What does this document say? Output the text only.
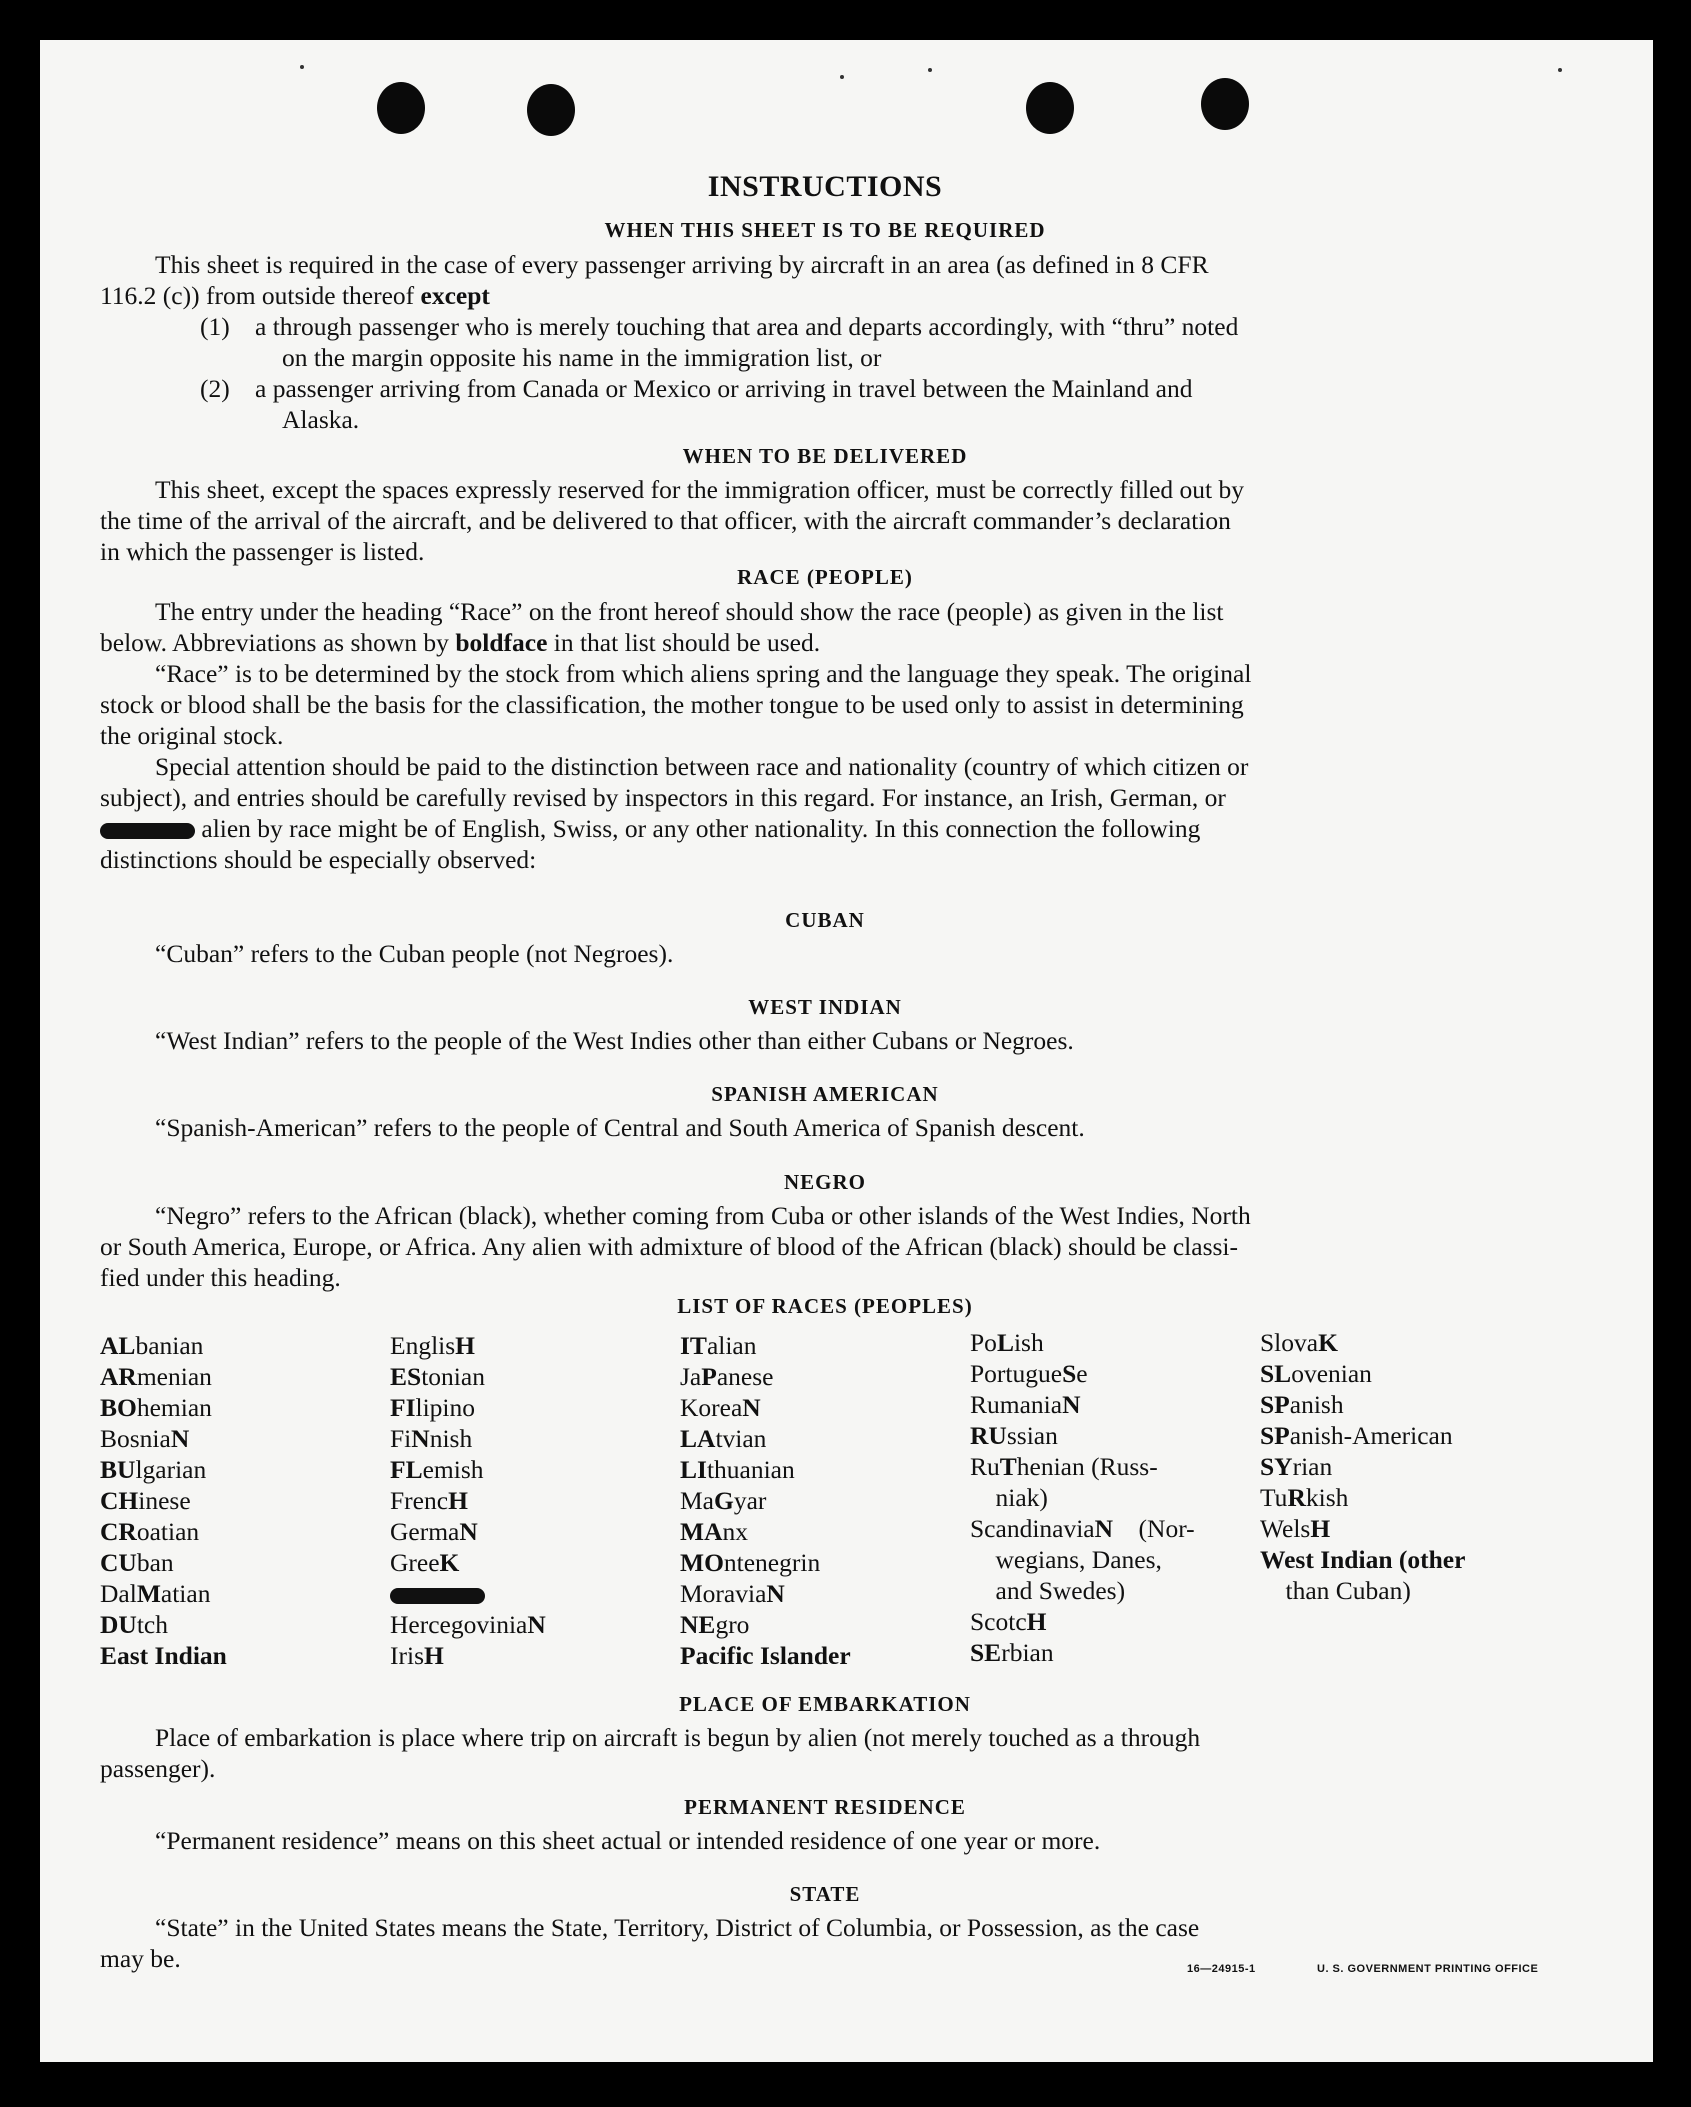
INSTRUCTIONS
WHEN THIS SHEET IS TO BE REQUIRED
This sheet is required in the case of every passenger arriving by aircraft in an area (as defined in 8 CFR
116.2 (c)) from outside thereof except
(1) a through passenger who is merely touching that area and departs accordingly, with “thru” noted
on the margin opposite his name in the immigration list, or
(2) a passenger arriving from Canada or Mexico or arriving in travel between the Mainland and
Alaska.
WHEN TO BE DELIVERED
This sheet, except the spaces expressly reserved for the immigration officer, must be correctly filled out by
the time of the arrival of the aircraft, and be delivered to that officer, with the aircraft commander’s declaration
in which the passenger is listed.
RACE (PEOPLE)
The entry under the heading “Race” on the front hereof should show the race (people) as given in the list
below. Abbreviations as shown by boldface in that list should be used.
“Race” is to be determined by the stock from which aliens spring and the language they speak. The original
stock or blood shall be the basis for the classification, the mother tongue to be used only to assist in determining
the original stock.
Special attention should be paid to the distinction between race and nationality (country of which citizen or
subject), and entries should be carefully revised by inspectors in this regard. For instance, an Irish, German, or
alien by race might be of English, Swiss, or any other nationality. In this connection the following
distinctions should be especially observed:
CUBAN
“Cuban” refers to the Cuban people (not Negroes).
WEST INDIAN
“West Indian” refers to the people of the West Indies other than either Cubans or Negroes.
SPANISH AMERICAN
“Spanish-American” refers to the people of Central and South America of Spanish descent.
NEGRO
“Negro” refers to the African (black), whether coming from Cuba or other islands of the West Indies, North
or South America, Europe, or Africa. Any alien with admixture of blood of the African (black) should be classi-
fied under this heading.
LIST OF RACES (PEOPLES)
ALbanian
ARmenian
BOhemian
BosniaN
BUlgarian
CHinese
CRoatian
CUban
DalMatian
DUtch
East Indian
EnglisH
EStonian
FIlipino
FiNnish
FLemish
FrencH
GermaN
GreeK
HercegoviniaN
IrisH
ITalian
JaPanese
KoreaN
LAtvian
LIthuanian
MaGyar
MAnx
MOntenegrin
MoraviaN
NEgro
Pacific Islander
PoLish
PortugueSe
RumaniaN
RUssian
RuThenian (Russ-
 niak)
ScandinaviaN (Nor-
 wegians, Danes,
 and Swedes)
ScotcH
SErbian
SlovaK
SLovenian
SPanish
SPanish-American
SYrian
TuRkish
WelsH
West Indian (other
 than Cuban)
PLACE OF EMBARKATION
Place of embarkation is place where trip on aircraft is begun by alien (not merely touched as a through
passenger).
PERMANENT RESIDENCE
“Permanent residence” means on this sheet actual or intended residence of one year or more.
STATE
“State” in the United States means the State, Territory, District of Columbia, or Possession, as the case
may be.	16—24915-1	U. S. GOVERNMENT PRINTING OFFICE
